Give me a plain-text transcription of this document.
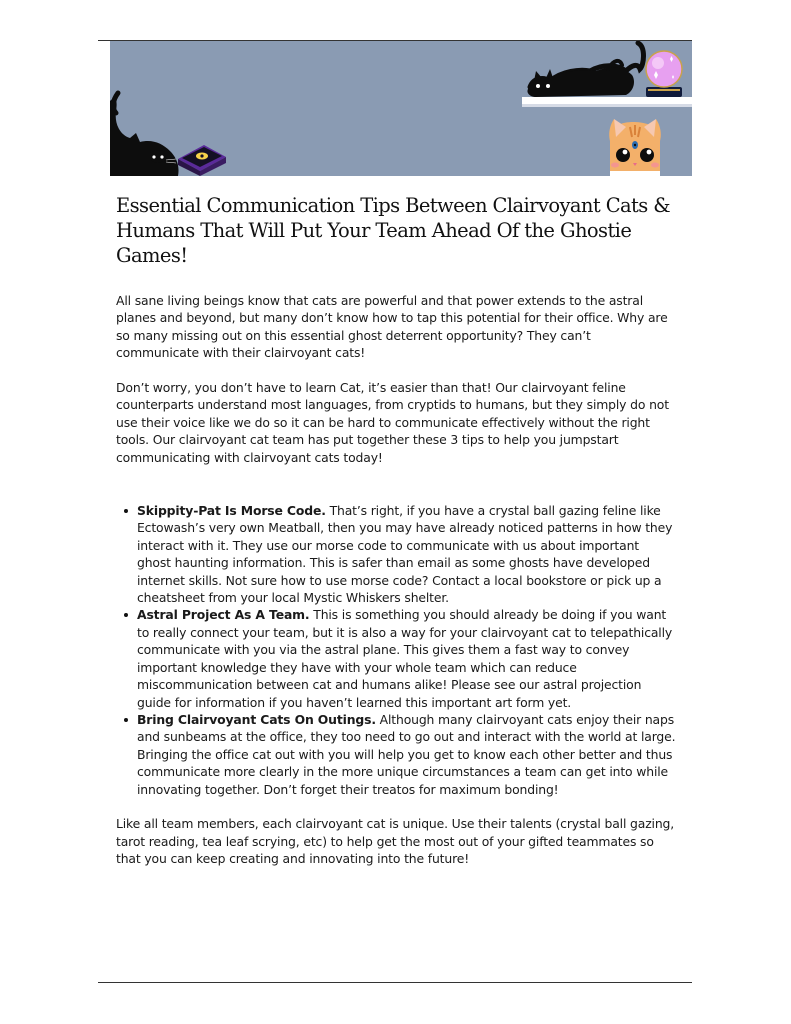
Essential Communication Tips Between Clairvoyant Cats & Humans That Will Put Your Team Ahead Of the Ghostie Games!

All sane living beings know that cats are powerful and that power extends to the astral planes and beyond, but many don’t know how to tap this potential for their office. Why are so many missing out on this essential ghost deterrent opportunity? They can’t communicate with their clairvoyant cats!

Don’t worry, you don’t have to learn Cat, it’s easier than that! Our clairvoyant feline counterparts understand most languages, from cryptids to humans, but they simply do not use their voice like we do so it can be hard to communicate effectively without the right tools. Our clairvoyant cat team has put together these 3 tips to help you jumpstart communicating with clairvoyant cats today!

Skippity-Pat Is Morse Code. That’s right, if you have a crystal ball gazing feline like Ectowash’s very own Meatball, then you may have already noticed patterns in how they interact with it. They use our morse code to communicate with us about important ghost haunting information. This is safer than email as some ghosts have developed internet skills. Not sure how to use morse code? Contact a local bookstore or pick up a cheatsheet from your local Mystic Whiskers shelter.
Astral Project As A Team. This is something you should already be doing if you want to really connect your team, but it is also a way for your clairvoyant cat to telepathically communicate with you via the astral plane. This gives them a fast way to convey important knowledge they have with your whole team which can reduce miscommunication between cat and humans alike! Please see our astral projection guide for information if you haven’t learned this important art form yet.
Bring Clairvoyant Cats On Outings. Although many clairvoyant cats enjoy their naps and sunbeams at the office, they too need to go out and interact with the world at large. Bringing the office cat out with you will help you get to know each other better and thus communicate more clearly in the more unique circumstances a team can get into while innovating together. Don’t forget their treatos for maximum bonding!

Like all team members, each clairvoyant cat is unique. Use their talents (crystal ball gazing, tarot reading, tea leaf scrying, etc) to help get the most out of your gifted teammates so that you can keep creating and innovating into the future!
